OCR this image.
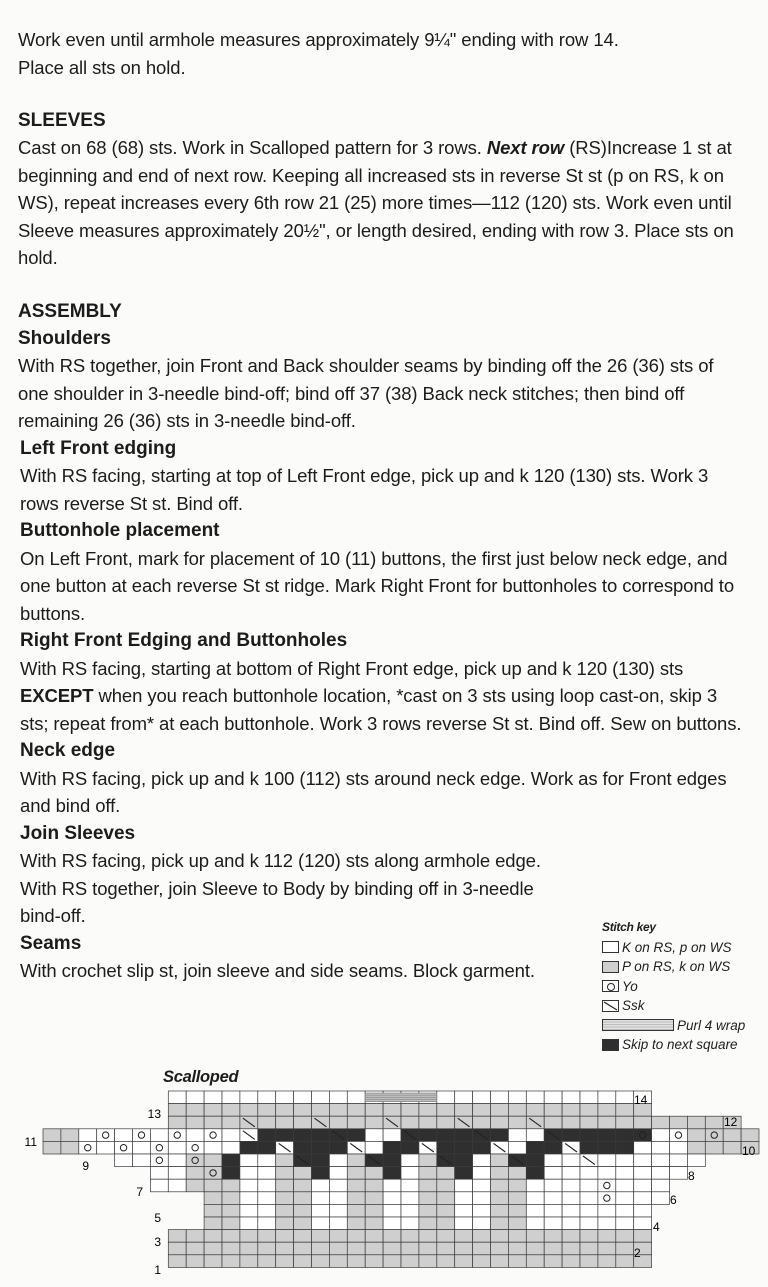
Work even until armhole measures approximately 9¼" ending with row 14.

Place all sts on hold.

SLEEVES

Cast on 68 (68) sts. Work in Scalloped pattern for 3 rows. Next row (RS)Increase 1 st at beginning and end of next row. Keeping all increased sts in reverse St st (p on RS, k on WS), repeat increases every 6th row 21 (25) more times—112 (120) sts. Work even until Sleeve measures approximately 20½", or length desired, ending with row 3. Place sts on hold.

ASSEMBLY
Shoulders

With RS together, join Front and Back shoulder seams by binding off the 26 (36) sts of one shoulder in 3-needle bind-off; bind off 37 (38) Back neck stitches; then bind off remaining 26 (36) sts in 3-needle bind-off.

Left Front edging

With RS facing, starting at top of Left Front edge, pick up and k 120 (130) sts. Work 3 rows reverse St st. Bind off.

Buttonhole placement

On Left Front, mark for placement of 10 (11) buttons, the first just below neck edge, and one button at each reverse St st ridge. Mark Right Front for buttonholes to correspond to buttons.

Right Front Edging and Buttonholes

With RS facing, starting at bottom of Right Front edge, pick up and k 120 (130) sts EXCEPT when you reach buttonhole location, *cast on 3 sts using loop cast-on, skip 3 sts; repeat from* at each buttonhole. Work 3 rows reverse St st. Bind off. Sew on buttons.

Neck edge

With RS facing, pick up and k 100 (112) sts around neck edge. Work as for Front edges and bind off.

Join Sleeves

With RS facing, pick up and k 112 (120) sts along armhole edge. With RS together, join Sleeve to Body by binding off in 3-needle bind-off.

Seams

With crochet slip st, join sleeve and side seams. Block garment.

Stitch key
K on RS, p on WS
P on RS, k on WS
Yo
Ssk
Purl 4 wrap
Skip to next square
Scalloped
1
3
5
7
9
11
13
2
4
6
8
10
12
14
